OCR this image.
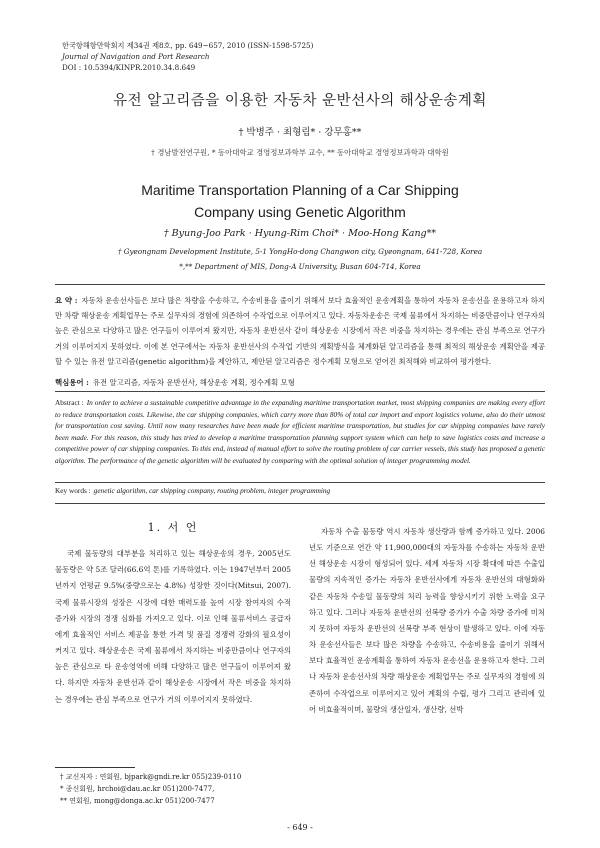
한국항해항만학회지 제34권 제8호, pp. 649~657, 2010 (ISSN-1598-5725)
Journal of Navigation and Port Research
DOI : 10.5394/KINPR.2010.34.8.649
유전 알고리즘을 이용한 자동차 운반선사의 해상운송계획
† 박병주 · 최형림* · 강무홍**
† 경남발전연구원, * 동아대학교 경영정보과학부 교수, ** 동아대학교 경영정보과학과 대학원
Maritime Transportation Planning of a Car Shipping
Company using Genetic Algorithm
† Byung-Joo Park · Hyung-Rim Choi* · Moo-Hong Kang**
† Gyeongnam Development Institute, 5-1 YongHo-dong Changwon city, Gyeongnam, 641-728, Korea
*,** Department of MIS, Dong-A University, Busan 604-714, Korea
요 약 : 자동차 운송선사들은 보다 많은 차량을 수송하고, 수송비용을 줄이기 위해서 보다 효율적인 운송계획을 통하여 자동차 운송선을 운용하고자 하지만 차량 해상운송 계획업무는 주로 실무자의 경험에 의존하여 수작업으로 이루어지고 있다. 자동차운송은 국제 물류에서 차지하는 비중만큼이나 연구자의 높은 관심으로 다양하고 많은 연구들이 이루어져 왔지만, 자동차 운반선사 같이 해상운송 시장에서 작은 비중을 차지하는 경우에는 관심 부족으로 연구가 거의 이루어지지 못하였다. 이에 본 연구에서는 자동차 운반선사의 수작업 기반의 계획방식을 체계화된 알고리즘을 통해 최적의 해상운송 계획안을 제공할 수 있는 유전 알고리즘(genetic algorithm)을 제안하고, 제안된 알고리즘은 정수계획 모형으로 얻어진 최적해와 비교하여 평가한다.
핵심용어 : 유전 알고리즘, 자동차 운반선사, 해상운송 계획, 정수계획 모형
Abstract : In order to achieve a sustainable competitive advantage in the expanding maritime transportation market, most shipping companies are making every effort to reduce transportation costs. Likewise, the car shipping companies, which carry more than 80% of total car import and export logistics volume, also do their utmost for transportation cost saving. Until now many researches have been made for efficient maritime transportation, but studies for car shipping companies have rarely been made. For this reason, this study has tried to develop a maritime transportation planning support system which can help to save logistics costs and increase a competitive power of car shipping companies. To this end, instead of manual effort to solve the routing problem of car carrier vessels, this study has proposed a genetic algorithm. The performance of the genetic algorithm will be evaluated by comparing with the optimal solution of integer programming model.
Key words : genetic algorithm, car shipping company, routing problem, integer programming
1. 서 언

국제 물동량의 대부분을 처리하고 있는 해상운송의 경우, 2005년도 물동량은 약 5조 달러(66.6억 톤)를 기록하였다. 이는 1947년부터 2005년까지 연평균 9.5%(중량으로는 4.8%) 성장한 것이다(Mitsui, 2007). 국제 물류시장의 성장은 시장에 대한 매력도를 높여 시장 참여자의 수적 증가와 시장의 경쟁 심화를 가져오고 있다. 이로 인해 물류서비스 공급자에게 효율적인 서비스 제공을 통한 가격 및 품질 경쟁력 강화의 필요성이 커지고 있다. 해상운송은 국제 물류에서 차지하는 비중만큼이나 연구자의 높은 관심으로 타 운송영역에 비해 다양하고 많은 연구들이 이루어져 왔다. 하지만 자동차 운반선과 같이 해상운송 시장에서 작은 비중을 차지하는 경우에는 관심 부족으로 연구가 거의 이루어지지 못하였다.

자동차 수출 물동량 역시 자동차 생산량과 함께 증가하고 있다. 2006년도 기준으로 연간 약 11,900,000대의 자동차를 수송하는 자동차 운반선 해상운송 시장이 형성되어 있다. 세계 자동차 시장 확대에 따른 수출입 물량의 지속적인 증가는 자동차 운반선사에게 자동차 운반선의 대형화와 같은 자동차 수송일 물동량의 처리 능력을 향상시키기 위한 노력을 요구 하고 있다. 그러나 자동차 운반선의 선복량 증가가 수출 차량 증가에 미처지 못하여 자동차 운반선의 선복량 부족 현상이 발생하고 있다. 이에 자동차 운송선사들은 보다 많은 차량을 수송하고, 수송비용을 줄이기 위해서 보다 효율적인 운송계획을 통하여 자동차 운송선을 운용하고자 한다. 그러나 자동차 운송선사의 차량 해상운송 계획업무는 주로 실무자의 경험에 의존하여 수작업으로 이루어지고 있어 계획의 수립, 평가 그리고 관리에 있어 비효율적이며, 물량의 생산일자, 생산량, 선박

† 교신저자 : 연회원, bjpark@gndi.re.kr 055)239-0110
* 종신회원, hrchoi@dau.ac.kr 051)200-7477,
** 연회원, mong@donga.ac.kr 051)200-7477
- 649 -
